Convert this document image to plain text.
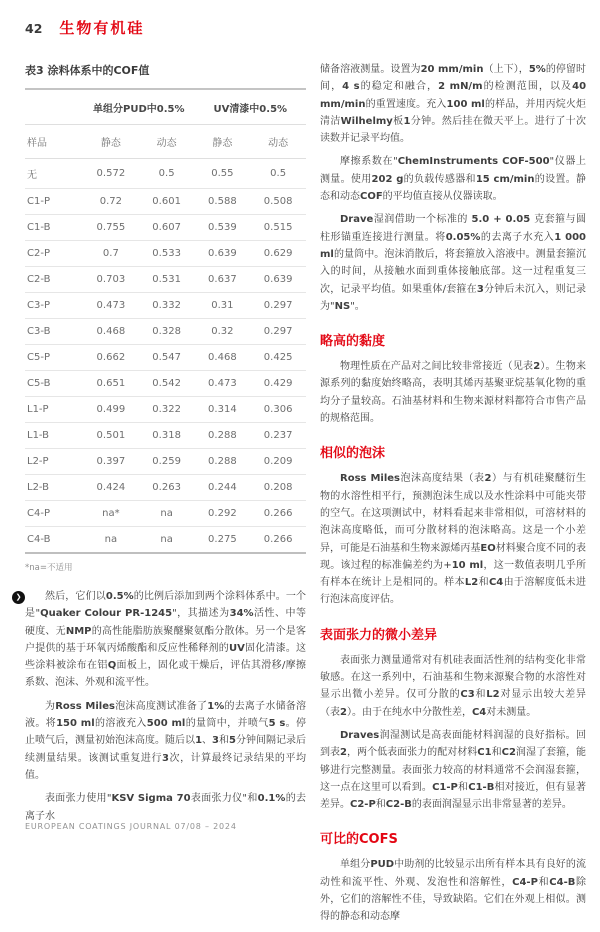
42 生物有机硅
表3 涂料体系中的COF值
	单组分PUD中0.5%		UV清漆中0.5%	
样品	静态	动态	静态	动态
无	0.572	0.5	0.55	0.5
C1-P	0.72	0.601	0.588	0.508
C1-B	0.755	0.607	0.539	0.515
C2-P	0.7	0.533	0.639	0.629
C2-B	0.703	0.531	0.637	0.639
C3-P	0.473	0.332	0.31	0.297
C3-B	0.468	0.328	0.32	0.297
C5-P	0.662	0.547	0.468	0.425
C5-B	0.651	0.542	0.473	0.429
L1-P	0.499	0.322	0.314	0.306
L1-B	0.501	0.318	0.288	0.237
L2-P	0.397	0.259	0.288	0.209
L2-B	0.424	0.263	0.244	0.208
C4-P	na*	na	0.292	0.266
C4-B	na	na	0.275	0.266
*na=不适用
❯	然后，它们以0.5%的比例后添加到两个涂料体系中。一个是"Quaker Colour PR-1245"，其描述为34%活性、中等硬度、无NMP的高性能脂肪族聚醚聚氨酯分散体。另一个是客户提供的基于环氧丙烯酸酯和反应性稀释剂的UV固化清漆。这些涂料被涂布在铝Q面板上，固化或干燥后，评估其滑移/摩擦系数、泡沫、外观和流平性。

为Ross Miles泡沫高度测试准备了1%的去离子水储备溶液。将150 ml的溶液充入500 ml的量筒中，并喷气5 s。停止喷气后，测量初始泡沫高度。随后以1、3和5分钟间隔记录后续测量结果。该测试重复进行3次，计算最终记录结果的平均值。

表面张力使用"KSV Sigma 70表面张力仪"和0.1%的去离子水

储备溶液测量。设置为20 mm/min（上下），5%的停留时间，4 s的稳定和融合，2 mN/m的检测范围，以及40 mm/min的重置速度。充入100 ml的样品，并用丙烷火炬清洁Wilhelmy板1分钟。然后挂在微天平上。进行了十次读数并记录平均值。

摩擦系数在"ChemInstruments COF-500"仪器上测量。使用202 g的负载传感器和15 cm/min的设置。静态和动态COF的平均值直接从仪器读取。

Drave湿润借助一个标准的 5.0 + 0.05 克套箍与圆柱形锚重连接进行测量。将0.05%的去离子水充入1 000 ml的量筒中。泡沫消散后，将套箍放入溶液中。测量套箍沉入的时间，从接触水面到重体接触底部。这一过程重复三次，记录平均值。如果重体/套箍在3分钟后未沉入，则记录为"NS"。

略高的黏度

物理性质在产品对之间比较非常接近（见表2）。生物来源系列的黏度始终略高，表明其烯丙基聚亚烷基氧化物的重均分子量较高。石油基材料和生物来源材料都符合市售产品的规格范围。

相似的泡沫

Ross Miles泡沫高度结果（表2）与有机硅聚醚衍生物的水溶性相平行，预测泡沫生成以及水性涂料中可能夹带的空气。在这项测试中，材料看起来非常相似，可溶材料的泡沫高度略低，而可分散材料的泡沫略高。这是一个小差异，可能是石油基和生物来源烯丙基EO材料聚合度不同的表现。该过程的标准偏差约为+10 ml，这一数值表明几乎所有样本在统计上是相同的。样本L2和C4由于溶解度低未进行泡沫高度评估。

表面张力的微小差异

表面张力测量通常对有机硅表面活性剂的结构变化非常敏感。在这一系列中，石油基和生物来源聚合物的水溶性对显示出微小差异。仅可分散的C3和L2对显示出较大差异（表2）。由于在纯水中分散性差，C4对未测量。

Draves润湿测试是高表面能材料润湿的良好指标。回到表2，两个低表面张力的配对材料C1和C2润湿了套箍，能够进行完整测量。表面张力较高的材料通常不会润湿套箍，这一点在这里可以看到。C1-P和C1-B相对接近，但有显著差异。C2-P和C2-B的表面润湿显示出非常显著的差异。

可比的COFS

单组分PUD中助剂的比较显示出所有样本具有良好的流动性和流平性、外观、发泡性和溶解性，C4-P和C4-B除外，它们的溶解性不佳，导致缺陷。它们在外观上相似。测得的静态和动态摩

EUROPEAN COATINGS JOURNAL 07/08 – 2024
